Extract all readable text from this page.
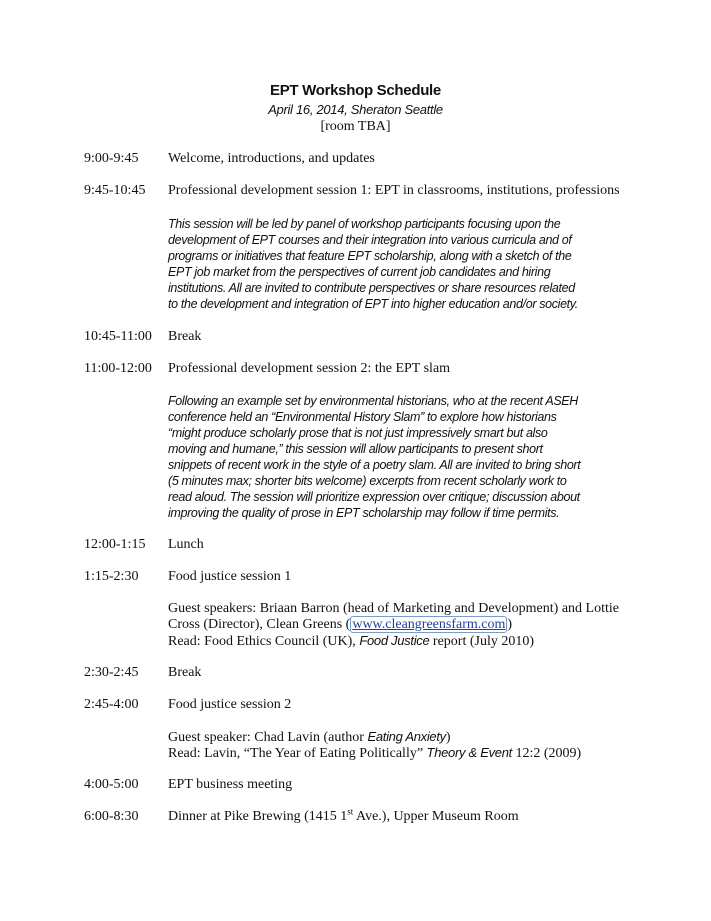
EPT Workshop Schedule
April 16, 2014, Sheraton Seattle
[room TBA]
9:00-9:45 Welcome, introductions, and updates
9:45-10:45 Professional development session 1: EPT in classrooms, institutions, professions
This session will be led by panel of workshop participants focusing upon the
development of EPT courses and their integration into various curricula and of
programs or initiatives that feature EPT scholarship, along with a sketch of the
EPT job market from the perspectives of current job candidates and hiring
institutions. All are invited to contribute perspectives or share resources related
to the development and integration of EPT into higher education and/or society.
10:45-11:00 Break
11:00-12:00 Professional development session 2: the EPT slam
Following an example set by environmental historians, who at the recent ASEH
conference held an “Environmental History Slam” to explore how historians
“might produce scholarly prose that is not just impressively smart but also
moving and humane,” this session will allow participants to present short
snippets of recent work in the style of a poetry slam. All are invited to bring short
(5 minutes max; shorter bits welcome) excerpts from recent scholarly work to
read aloud. The session will prioritize expression over critique; discussion about
improving the quality of prose in EPT scholarship may follow if time permits.
12:00-1:15 Lunch
1:15-2:30 Food justice session 1
Guest speakers: Briaan Barron (head of Marketing and Development) and Lottie
Cross (Director), Clean Greens ( www.cleangreensfarm.com )
Read: Food Ethics Council (UK), Food Justice report (July 2010)
2:30-2:45 Break
2:45-4:00 Food justice session 2
Guest speaker: Chad Lavin (author Eating Anxiety)
Read: Lavin, “The Year of Eating Politically” Theory & Event 12:2 (2009)
4:00-5:00 EPT business meeting
6:00-8:30 Dinner at Pike Brewing (1415 1st Ave.), Upper Museum Room
